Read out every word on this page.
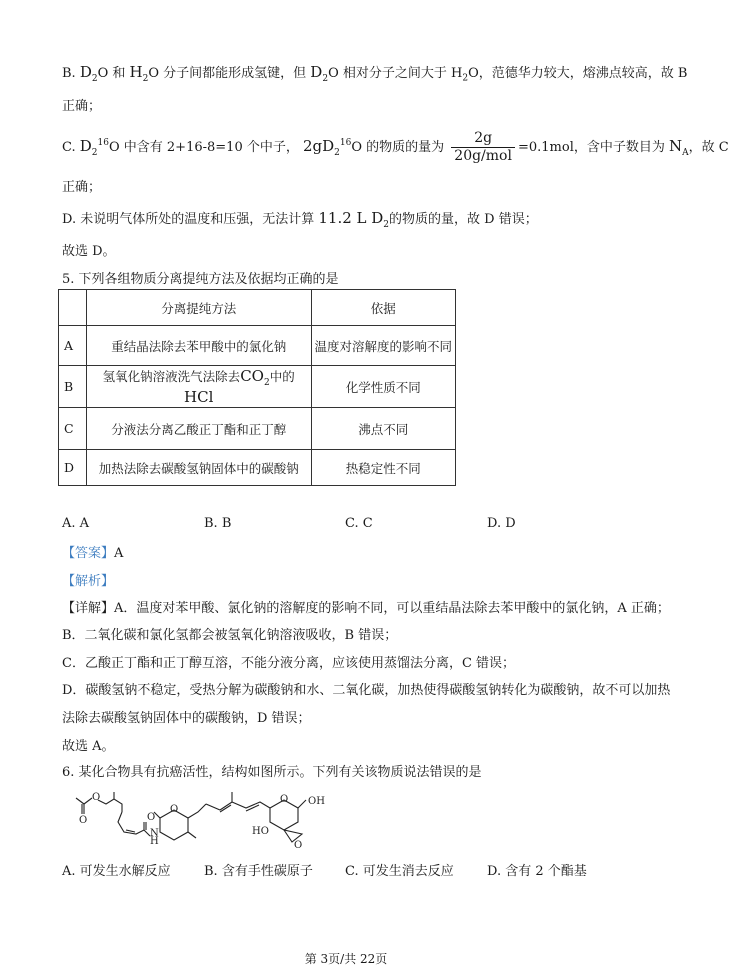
B. $D_2O$ 和 $H_2O$ 分子间都能形成氢键，但 $D_2O$ 相对分子之间大于 $H_2O$，范德华力较大，熔沸点较高，故 B
正确；
C. $D_2^{16}O$ 中含有 2+16-8=10 个中子， $2gD_2^{16}O$ 的物质的量为 $\frac{2g}{\text{20g/mol}} =0.1mol$，含中子数目为 $N_A$，故 C
正确；
D. 未说明气体所处的温度和压强，无法计算 11.2 L $D_2$的物质的量，故 D 错误；
故选 D。
5. 下列各组物质分离提纯方法及依据均正确的是
	分离提纯方法	依据
A	重结晶法除去苯甲酸中的氯化钠	温度对溶解度的影响不同
B	氢氧化钠溶液洗气法除去$CO_2$中的 HCl	化学性质不同
C	分液法分离乙酸正丁酯和正丁醇	沸点不同
D	加热法除去碳酸氢钠固体中的碳酸钠	热稳定性不同
A. A	B. B	C. C	D. D
【答案】A
【解析】
【详解】A．温度对苯甲酸、氯化钠的溶解度的影响不同，可以重结晶法除去苯甲酸中的氯化钠，A 正确；
B．二氧化碳和氯化氢都会被氢氧化钠溶液吸收，B 错误；
C．乙酸正丁酯和正丁醇互溶，不能分液分离，应该使用蒸馏法分离，C 错误；
D．碳酸氢钠不稳定，受热分解为碳酸钠和水、二氧化碳，加热使得碳酸氢钠转化为碳酸钠，故不可以加热
法除去碳酸氢钠固体中的碳酸钠，D 错误；
故选 A。
6. 某化合物具有抗癌活性，结构如图所示。下列有关该物质说法错误的是
O
O	O
H
N
O
O OH
HO
O
A. 可发生水解反应	B. 含有手性碳原子 C. 可发生消去反应	D. 含有 2 个酯基
第 3页/共 22页
